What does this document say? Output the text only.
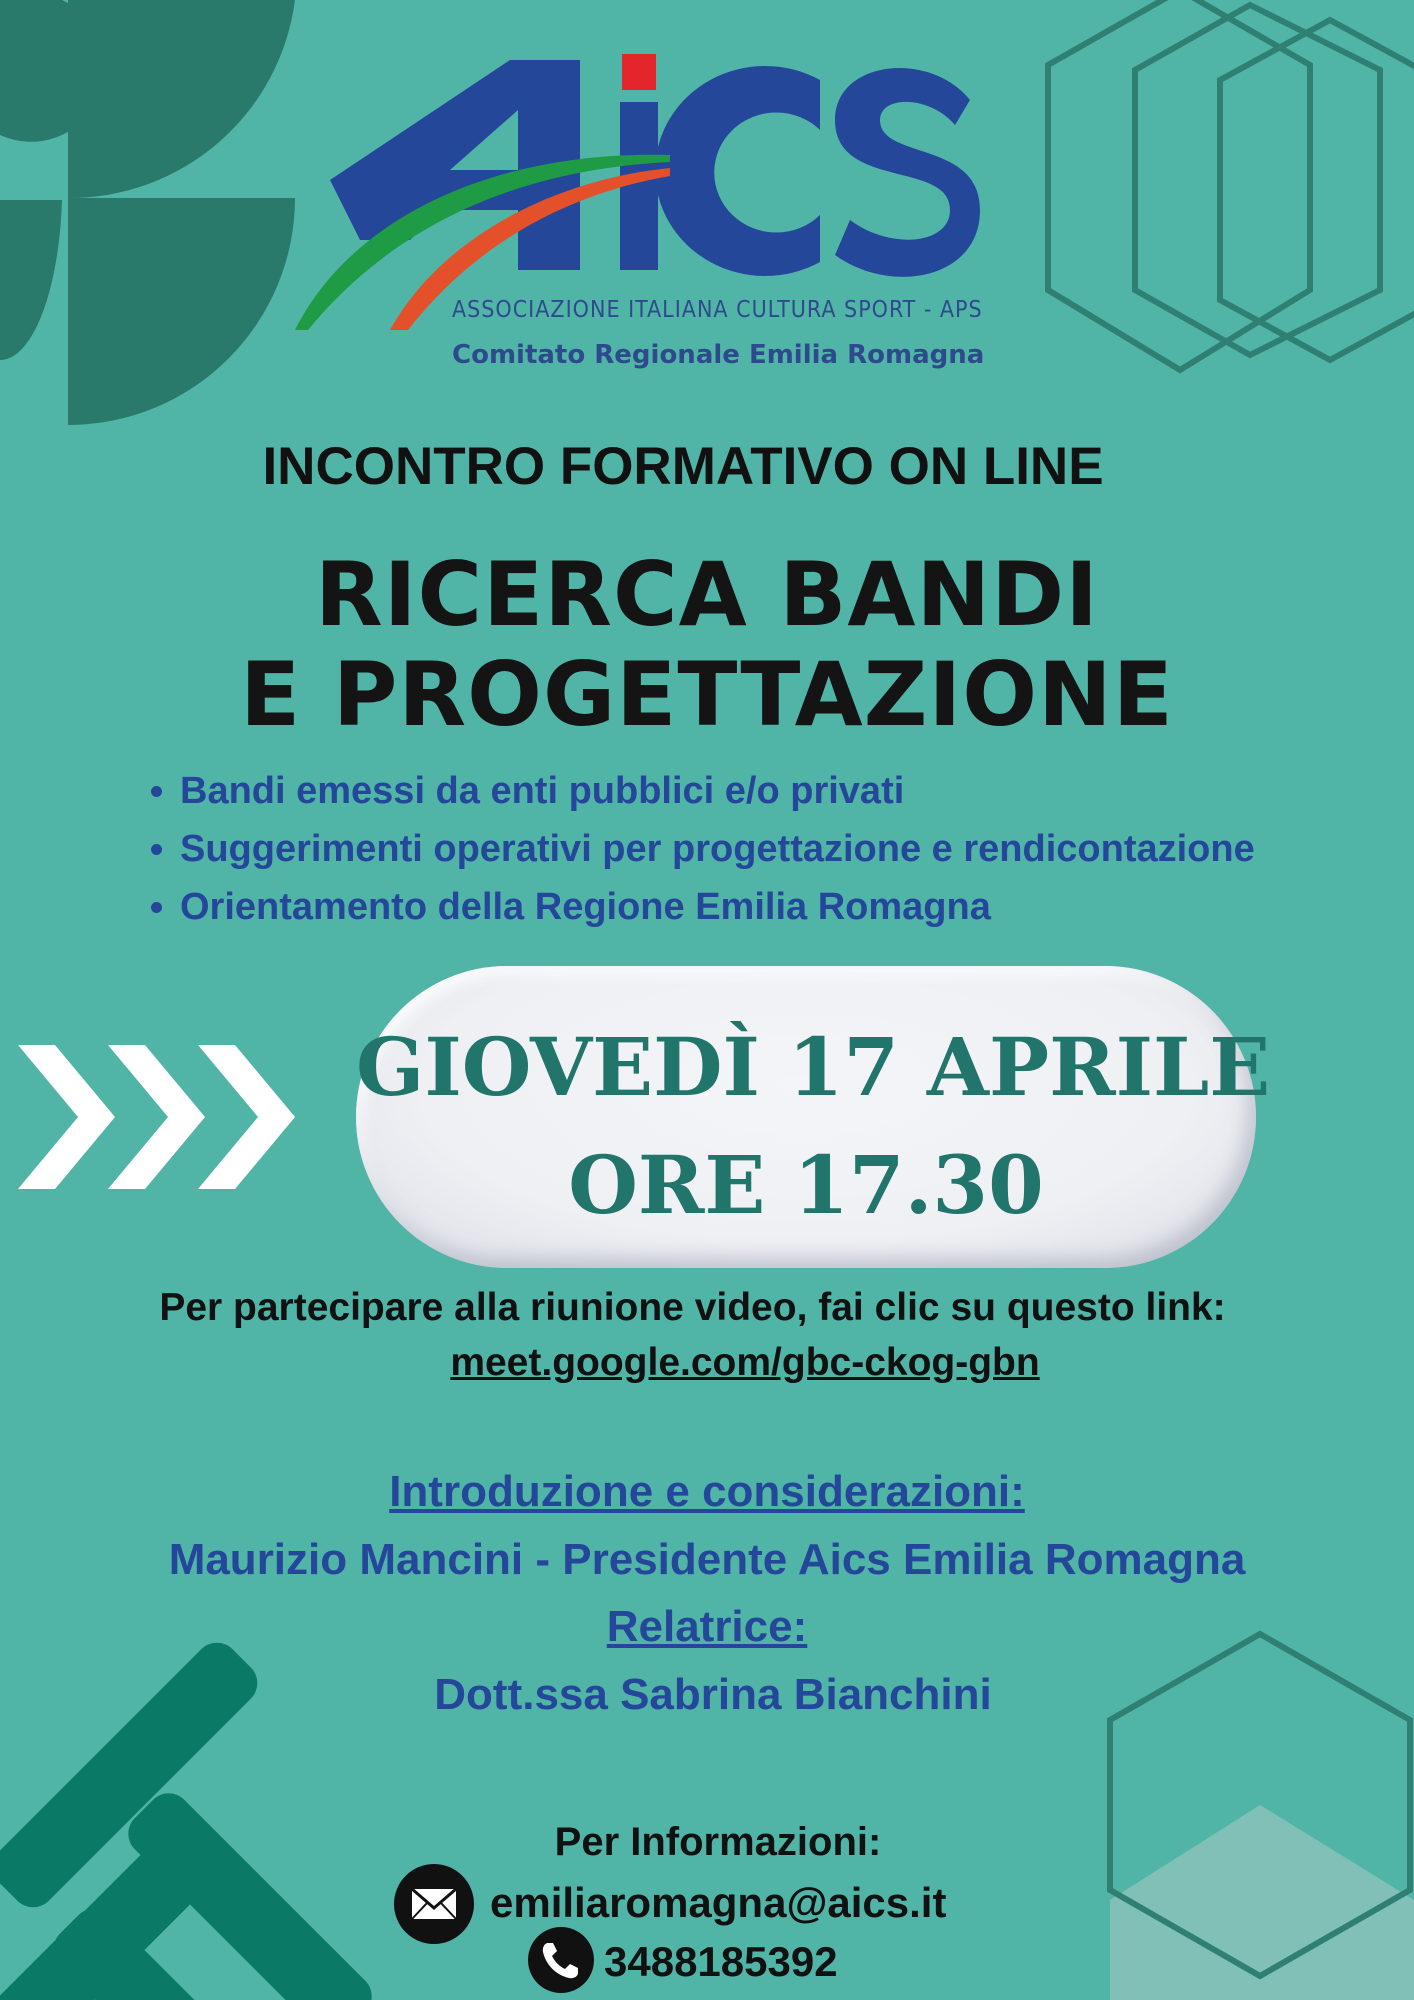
ASSOCIAZIONE ITALIANA CULTURA SPORT - APS
Comitato Regionale Emilia Romagna
INCONTRO FORMATIVO ON LINE
RICERCA BANDI
E PROGETTAZIONE
• Bandi emessi da enti pubblici e/o privati
• Suggerimenti operativi per progettazione e rendicontazione
• Orientamento della Regione Emilia Romagna
GIOVEDÌ 17 APRILE
ORE 17.30
Per partecipare alla riunione video, fai clic su questo link:
meet.google.com/gbc-ckog-gbn
Introduzione e considerazioni:
Maurizio Mancini - Presidente Aics Emilia Romagna
Relatrice:
Dott.ssa Sabrina Bianchini
Per Informazioni:
emiliaromagna@aics.it
3488185392
